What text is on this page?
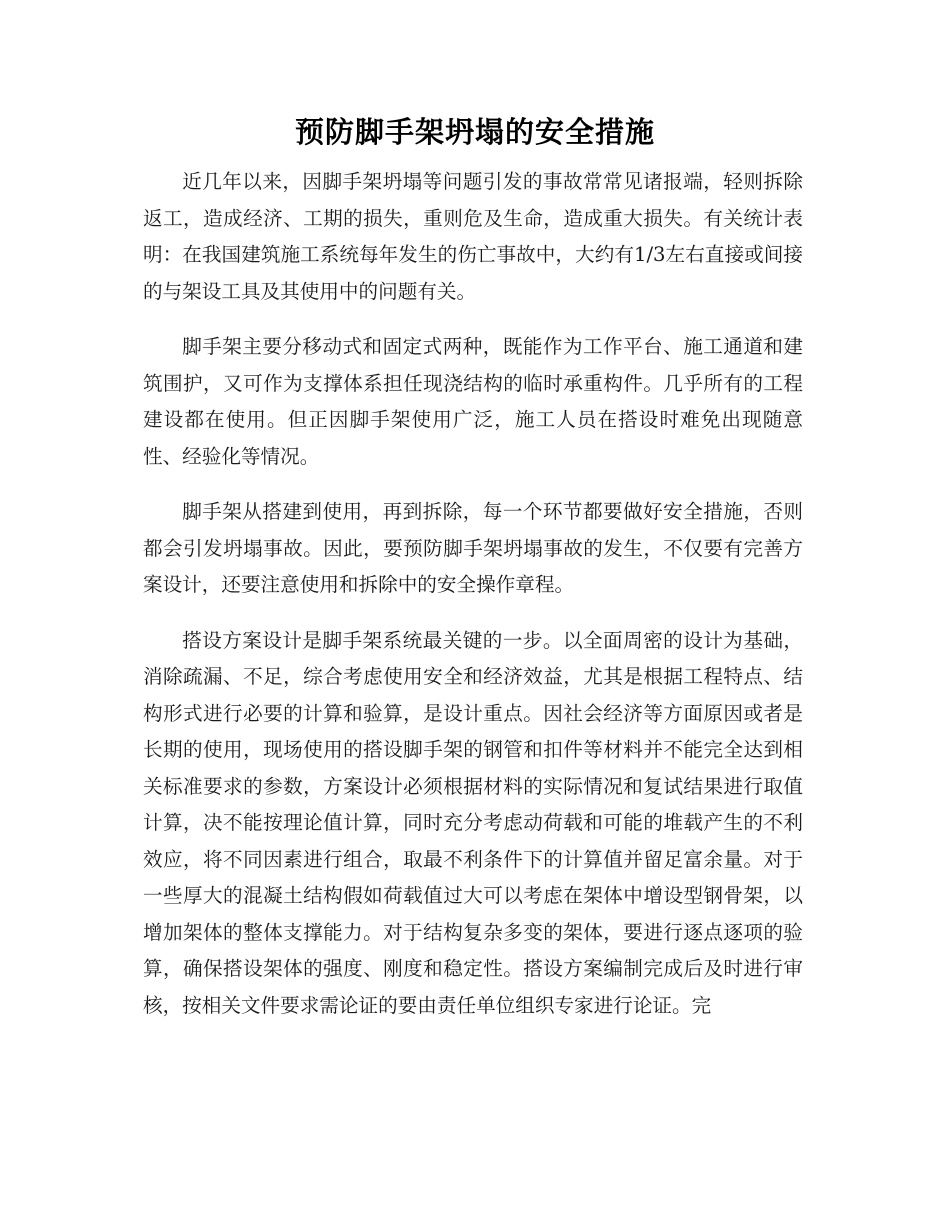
预防脚手架坍塌的安全措施

近几年以来，因脚手架坍塌等问题引发的事故常常见诸报端，轻则拆除返工，造成经济、工期的损失，重则危及生命，造成重大损失。有关统计表明：在我国建筑施工系统每年发生的伤亡事故中，大约有1/3左右直接或间接的与架设工具及其使用中的问题有关。

脚手架主要分移动式和固定式两种，既能作为工作平台、施工通道和建筑围护，又可作为支撑体系担任现浇结构的临时承重构件。几乎所有的工程建设都在使用。但正因脚手架使用广泛，施工人员在搭设时难免出现随意性、经验化等情况。

脚手架从搭建到使用，再到拆除，每一个环节都要做好安全措施，否则都会引发坍塌事故。因此，要预防脚手架坍塌事故的发生，不仅要有完善方案设计，还要注意使用和拆除中的安全操作章程。

搭设方案设计是脚手架系统最关键的一步。以全面周密的设计为基础，消除疏漏、不足，综合考虑使用安全和经济效益，尤其是根据工程特点、结构形式进行必要的计算和验算，是设计重点。因社会经济等方面原因或者是长期的使用，现场使用的搭设脚手架的钢管和扣件等材料并不能完全达到相关标准要求的参数，方案设计必须根据材料的实际情况和复试结果进行取值计算，决不能按理论值计算，同时充分考虑动荷载和可能的堆载产生的不利效应，将不同因素进行组合，取最不利条件下的计算值并留足富余量。对于一些厚大的混凝土结构假如荷载值过大可以考虑在架体中增设型钢骨架，以增加架体的整体支撑能力。对于结构复杂多变的架体，要进行逐点逐项的验算，确保搭设架体的强度、刚度和稳定性。搭设方案编制完成后及时进行审核，按相关文件要求需论证的要由责任单位组织专家进行论证。完
